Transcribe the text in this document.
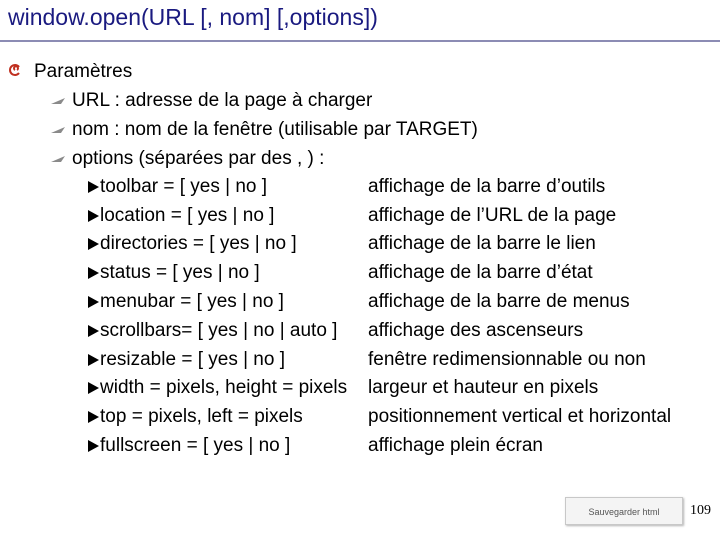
window.open(URL [, nom] [,options])
Paramètres
URL : adresse de la page à charger
nom : nom de la fenêtre (utilisable par TARGET)
options (séparées par des , ) :
toolbar = [ yes | no ]	affichage de la barre d’outils
location = [ yes | no ]	affichage de l’URL de la page
directories = [ yes | no ]	affichage de la barre le lien
status = [ yes | no ]	affichage de la barre d’état
menubar = [ yes | no ]	affichage de la barre de menus
scrollbars= [ yes | no | auto ] affichage des ascenseurs
resizable = [ yes | no ]	fenêtre redimensionnable ou non
width = pixels, height = pixels largeur et hauteur en pixels
top = pixels, left = pixels	positionnement vertical et horizontal
fullscreen = [ yes | no ]	affichage plein écran
Sauvegarder html	109
